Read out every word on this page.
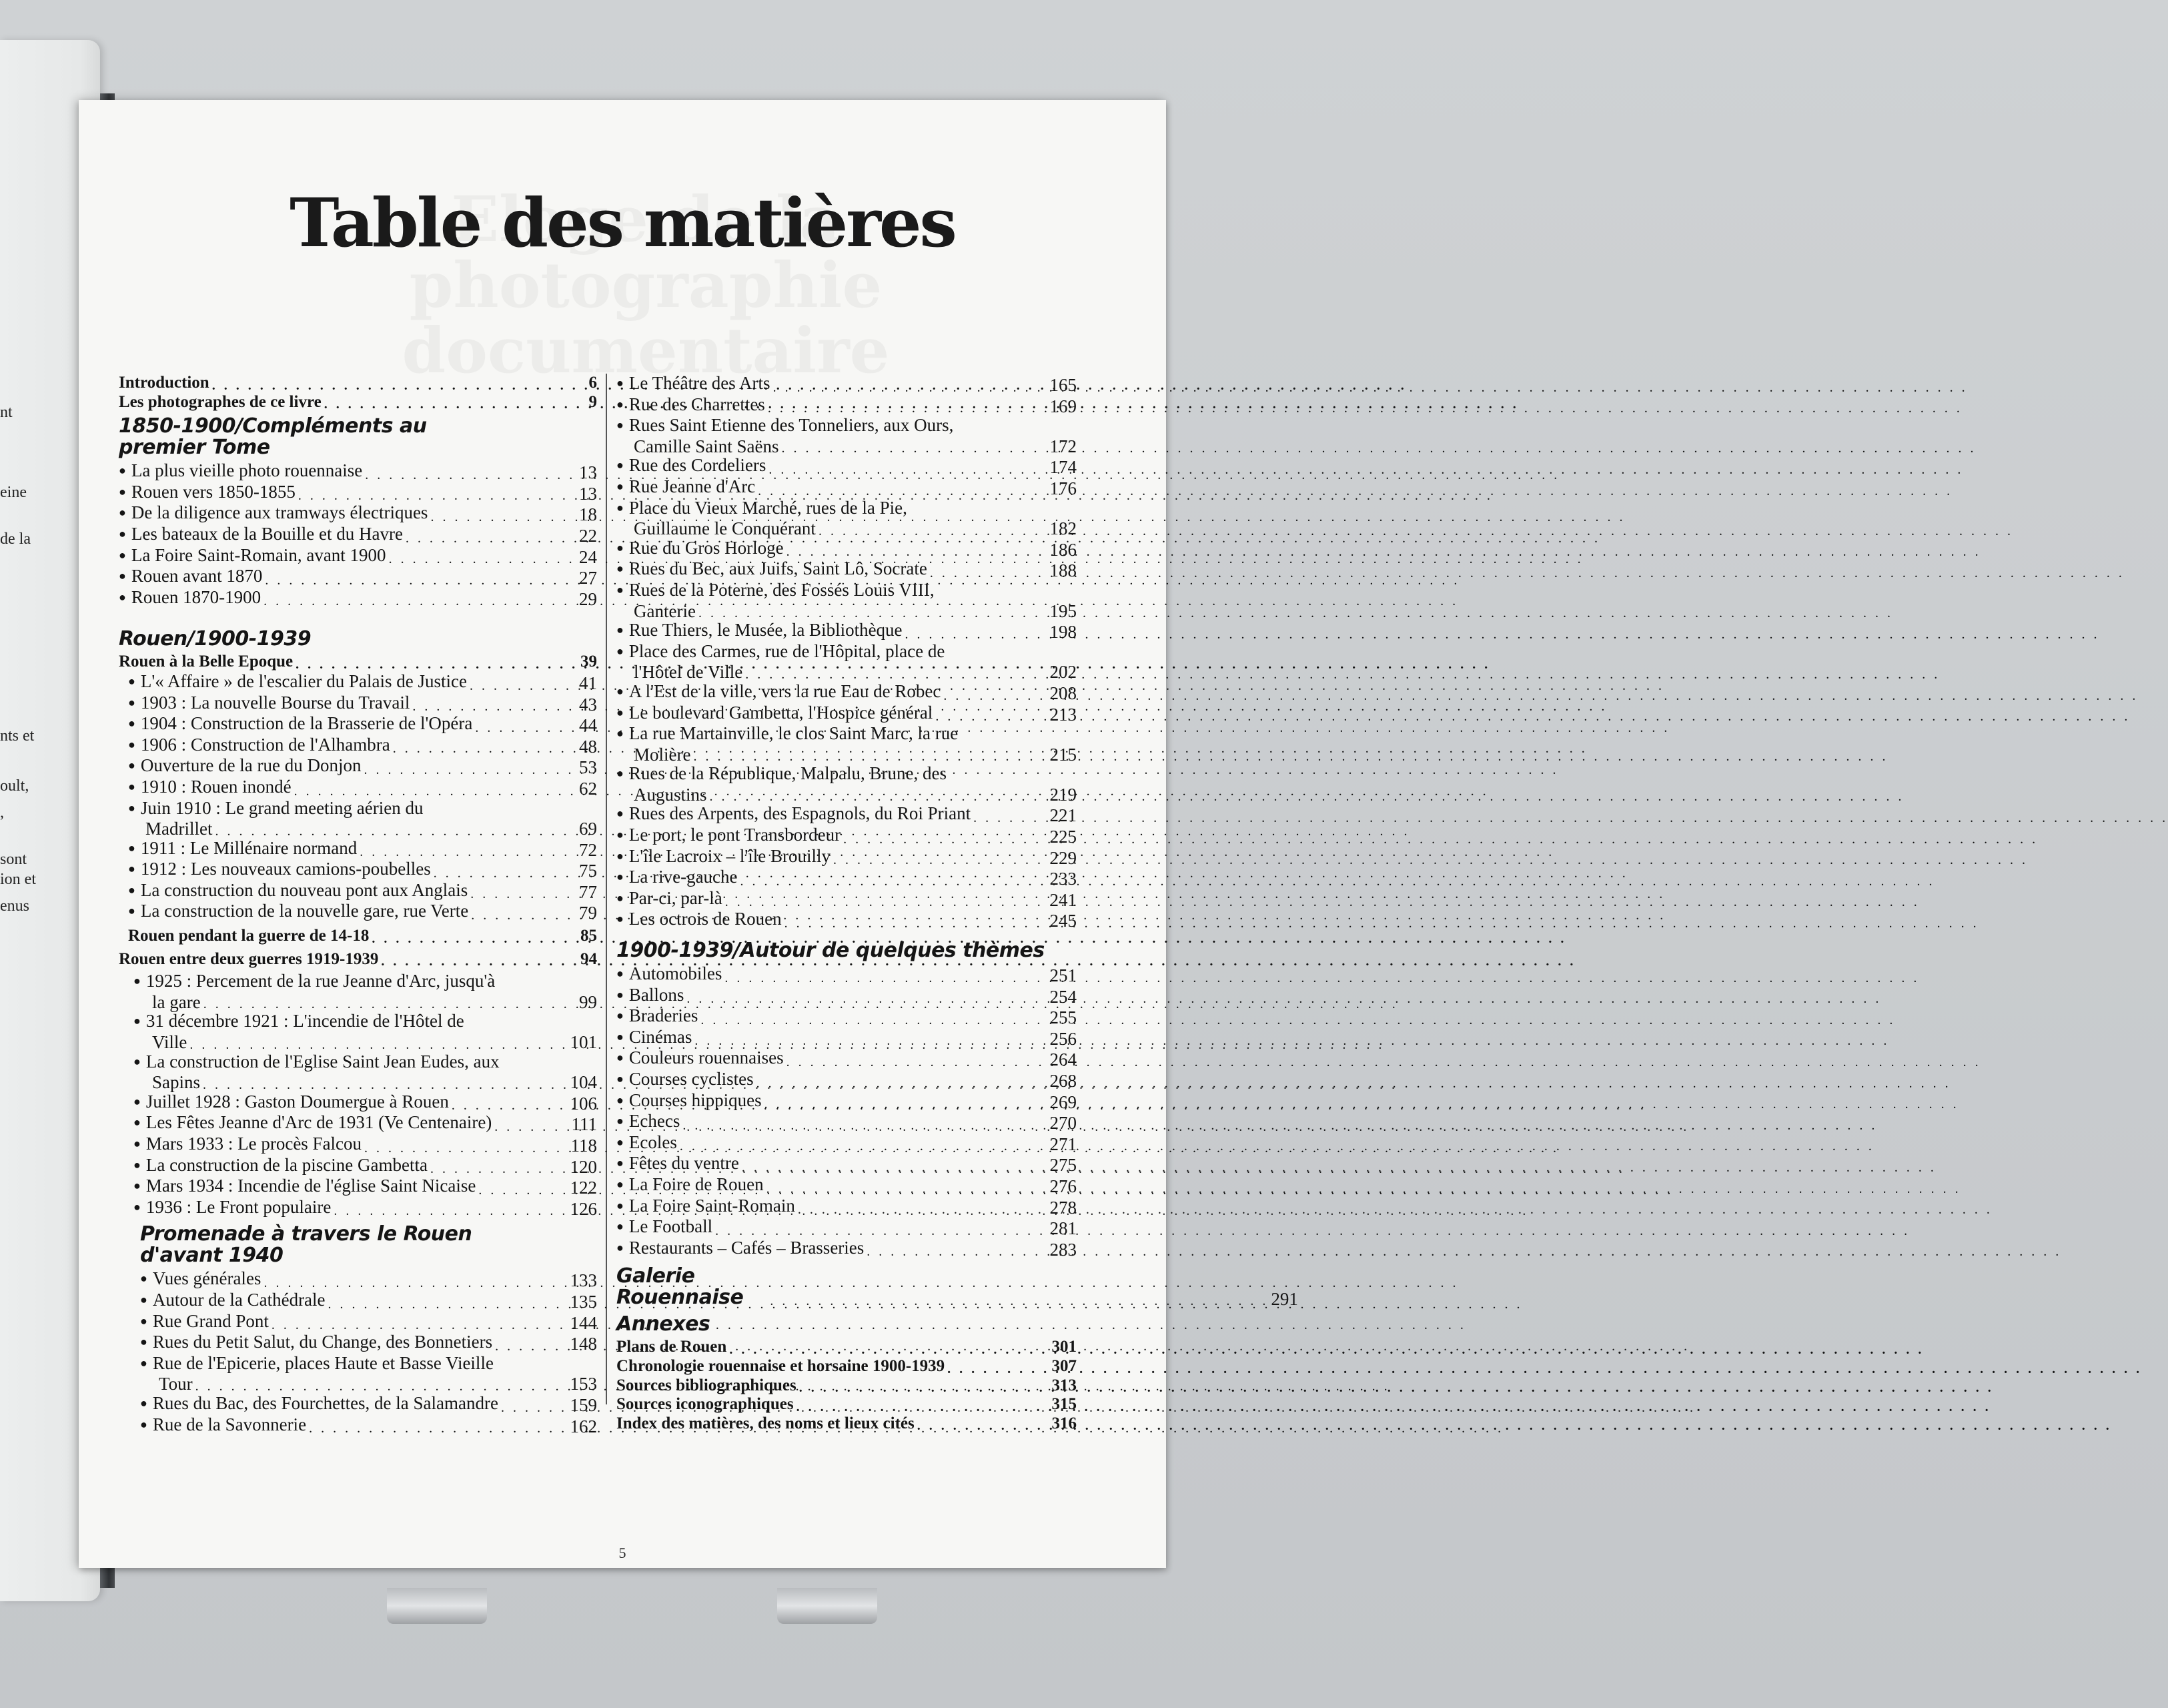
nt
eine
de la
nts et
oult,
,
sont
ion et
enus
Table des matières
Introduction . . .	6
Les photographes de ce livre . . .	9
1850-1900/Compléments au premier Tome
● La plus vieille photo rouennaise . . .	13
● Rouen vers 1850-1855 . . .	13
● De la diligence aux tramways électriques . . .	18
● Les bateaux de la Bouille et du Havre . . .	22
● La Foire Saint-Romain, avant 1900 . . .	24
● Rouen avant 1870 . . .	27
● Rouen 1870-1900 . . .	29
Rouen/1900-1939
Rouen à la Belle Epoque . . .	39
● L'« Affaire » de l'escalier du Palais de Justice . . .	41
● 1903 : La nouvelle Bourse du Travail . . .	43
● 1904 : Construction de la Brasserie de l'Opéra . . .	44
● 1906 : Construction de l'Alhambra . . .	48
● Ouverture de la rue du Donjon . . .	53
● 1910 : Rouen inondé . . .	62
● Juin 1910 : Le grand meeting aérien du
Madrillet . . .	69
● 1911 : Le Millénaire normand . . .	72
● 1912 : Les nouveaux camions-poubelles . . .	75
● La construction du nouveau pont aux Anglais . . .	77
● La construction de la nouvelle gare, rue Verte . . .	79
Rouen pendant la guerre de 14-18 . . .	85
Rouen entre deux guerres 1919-1939 . . .	94
● 1925 : Percement de la rue Jeanne d'Arc, jusqu'à
la gare . . .	99
● 31 décembre 1921 : L'incendie de l'Hôtel de
Ville . . .	101
● La construction de l'Eglise Saint Jean Eudes, aux
Sapins . . .	104
● Juillet 1928 : Gaston Doumergue à Rouen . . .	106
● Les Fêtes Jeanne d'Arc de 1931 (Ve Centenaire) . . .	111
● Mars 1933 : Le procès Falcou . . .	118
● La construction de la piscine Gambetta . . .	120
● Mars 1934 : Incendie de l'église Saint Nicaise . . .	122
● 1936 : Le Front populaire . . .	126
Promenade à travers le Rouen d'avant 1940
● Vues générales . . .	133
● Autour de la Cathédrale . . .	135
● Rue Grand Pont . . .	144
● Rues du Petit Salut, du Change, des Bonnetiers . . .	148
● Rue de l'Epicerie, places Haute et Basse Vieille
Tour . . .	153
● Rues du Bac, des Fourchettes, de la Salamandre . . .	159
● Rue de la Savonnerie . . .	162
● Le Théâtre des Arts . . .	165
● Rue des Charrettes . . .	169
● Rues Saint Etienne des Tonneliers, aux Ours,
Camille Saint Saëns . . .	172
● Rue des Cordeliers . . .	174
● Rue Jeanne d'Arc . . .	176
● Place du Vieux Marché, rues de la Pie,
Guillaume le Conquérant . . .	182
● Rue du Gros Horloge . . .	186
● Rues du Bec, aux Juifs, Saint Lô, Socrate . . .	188
● Rues de la Poterne, des Fossés Louis VIII,
Ganterie . . .	195
● Rue Thiers, le Musée, la Bibliothèque . . .	198
● Place des Carmes, rue de l'Hôpital, place de
l'Hôtel de Ville . . .	202
● A l'Est de la ville, vers la rue Eau de Robec . . .	208
● Le boulevard Gambetta, l'Hospice général . . .	213
● La rue Martainville, le clos Saint Marc, la rue
Molière . . .	215
● Rues de la République, Malpalu, Brune, des
Augustins . . .	219
● Rues des Arpents, des Espagnols, du Roi Priant . . .	221
● Le port, le pont Transbordeur . . .	225
● L'île Lacroix – l'île Brouilly . . .	229
● La rive-gauche . . .	233
● Par-ci, par-là . . .	241
● Les octrois de Rouen . . .	245
1900-1939/Autour de quelques thèmes
● Automobiles . . .	251
● Ballons . . .	254
● Braderies . . .	255
● Cinémas . . .	256
● Couleurs rouennaises . . .	264
● Courses cyclistes . . .	268
● Courses hippiques . . .	269
● Echecs . . .	270
● Ecoles . . .	271
● Fêtes du ventre . . .	275
● La Foire de Rouen . . .	276
● La Foire Saint-Romain . . .	278
● Le Football . . .	281
● Restaurants – Cafés – Brasseries . . .	283
Galerie Rouennaise . . . . . . . . . . . . . . . . . . . . . . . . . . . . . . . . . . . . . . . . . . 291
Annexes
Plans de Rouen . . .	301
Chronologie rouennaise et horsaine 1900-1939 . . .	307
Sources bibliographiques . . .	313
Sources iconographiques . . .	315
Index des matières, des noms et lieux cités . . .	316
5
